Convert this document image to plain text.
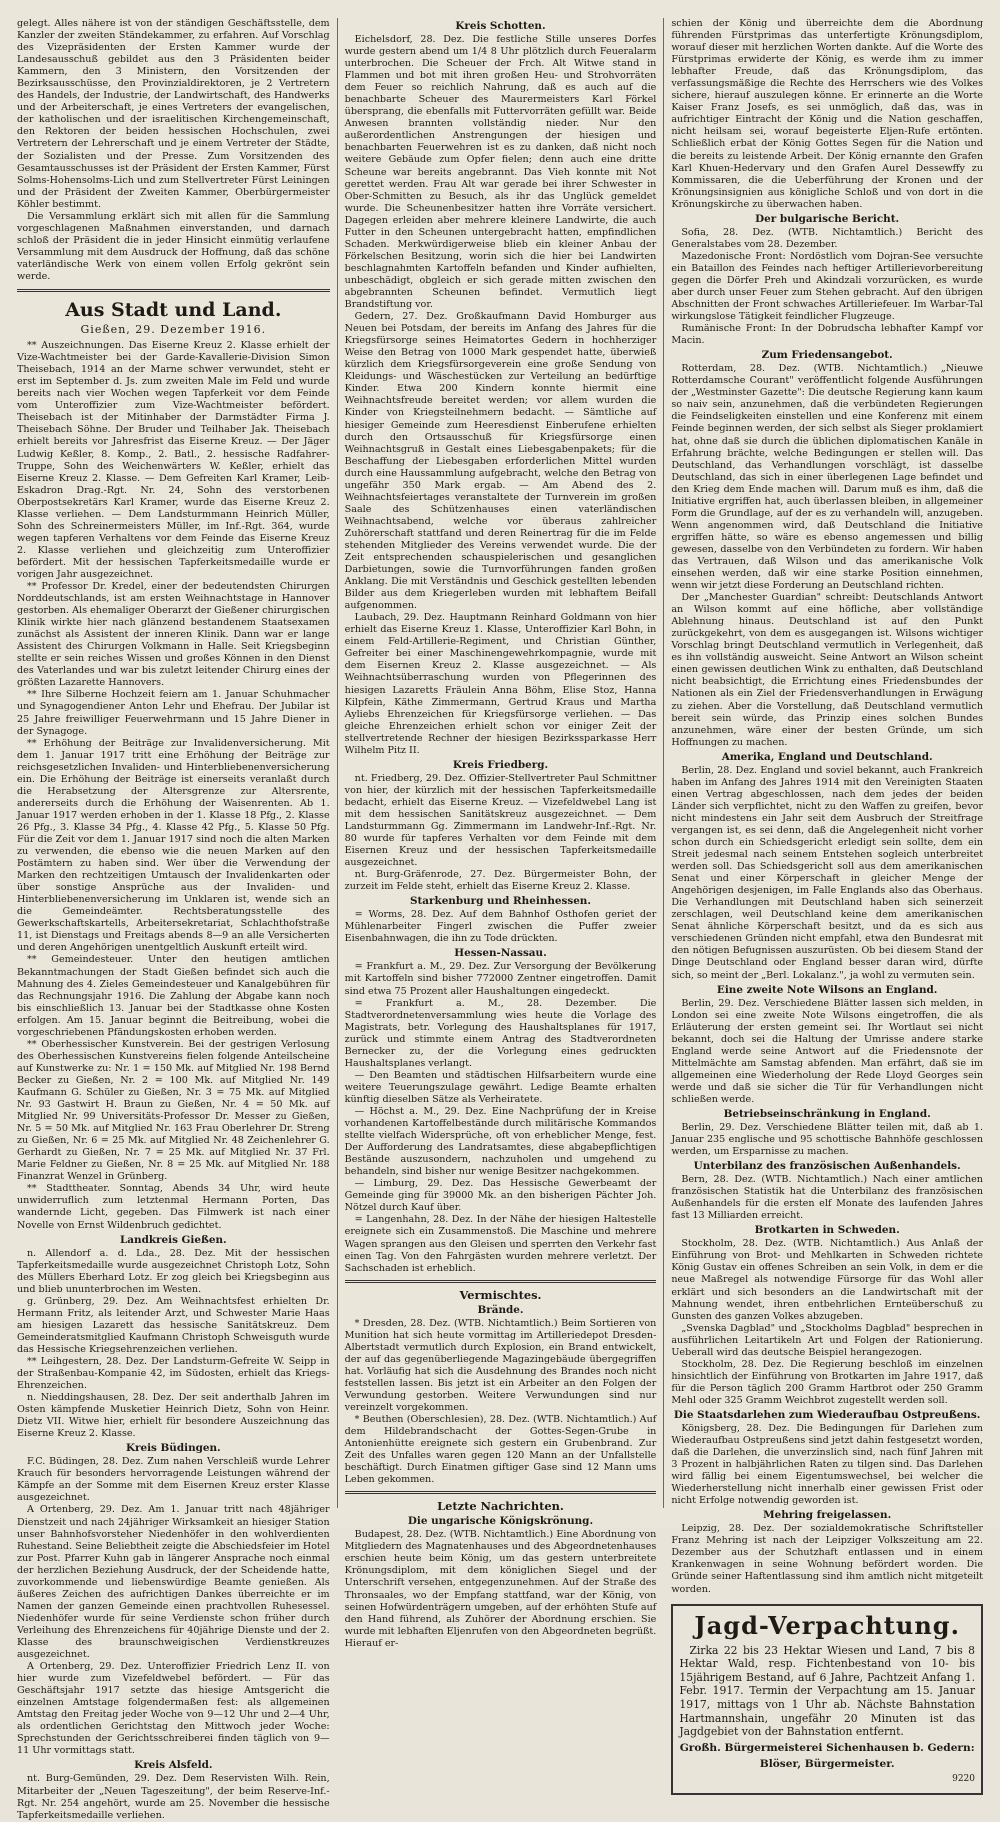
gelegt. Alles nähere ist von der ständigen Geschäftsstelle, dem Kanzler der zweiten Ständekammer, zu erfahren. Auf Vorschlag des Vizepräsidenten der Ersten Kammer wurde der Landesausschuß gebildet aus den 3 Präsidenten beider Kammern, den 3 Ministern, den Vorsitzenden der Bezirksausschüsse, den Provinzialdirektoren, je 2 Vertretern des Handels, der Industrie, der Landwirtschaft, des Handwerks und der Arbeiterschaft, je eines Vertreters der evangelischen, der katholischen und der israelitischen Kirchengemeinschaft, den Rektoren der beiden hessischen Hochschulen, zwei Vertretern der Lehrerschaft und je einem Vertreter der Städte, der Sozialisten und der Presse. Zum Vorsitzenden des Gesamtausschusses ist der Präsident der Ersten Kammer, Fürst Solms-Hohensolms-Lich und zum Stellvertreter Fürst Leiningen und der Präsident der Zweiten Kammer, Oberbürgermeister Köhler bestimmt.

Die Versammlung erklärt sich mit allen für die Sammlung vorgeschlagenen Maßnahmen einverstanden, und darnach schloß der Präsident die in jeder Hinsicht einmütig verlaufene Versammlung mit dem Ausdruck der Hoffnung, daß das schöne vaterländische Werk von einem vollen Erfolg gekrönt sein werde.

Aus Stadt und Land.
Gießen, 29. Dezember 1916.

** Auszeichnungen. Das Eiserne Kreuz 2. Klasse erhielt der Vize-Wachtmeister bei der Garde-Kavallerie-Division Simon Theisebach, 1914 an der Marne schwer verwundet, steht er erst im September d. Js. zum zweiten Male im Feld und wurde bereits nach vier Wochen wegen Tapferkeit vor dem Feinde vom Unteroffizier zum Vize-Wachtmeister befördert. Theisebach ist der Mitinhaber der Darmstädter Firma J. Theisebach Söhne. Der Bruder und Teilhaber Jak. Theisebach erhielt bereits vor Jahresfrist das Eiserne Kreuz. — Der Jäger Ludwig Keßler, 8. Komp., 2. Batl., 2. hessische Radfahrer-Truppe, Sohn des Weichenwärters W. Keßler, erhielt das Eiserne Kreuz 2. Klasse. — Dem Gefreiten Karl Kramer, Leib-Eskadron Drag.-Rgt. Nr. 24, Sohn des verstorbenen Oberpostsekretärs Karl Kramer, wurde das Eiserne Kreuz 2. Klasse verliehen. — Dem Landsturmmann Heinrich Müller, Sohn des Schreinermeisters Müller, im Inf.-Rgt. 364, wurde wegen tapferen Verhaltens vor dem Feinde das Eiserne Kreuz 2. Klasse verliehen und gleichzeitig zum Unteroffizier befördert. Mit der hessischen Tapferkeitsmedaille wurde er vorigen Jahr ausgezeichnet.

** Professor Dr. Kredel, einer der bedeutendsten Chirurgen Norddeutschlands, ist am ersten Weihnachtstage in Hannover gestorben. Als ehemaliger Oberarzt der Gießener chirurgischen Klinik wirkte hier nach glänzend bestandenem Staatsexamen zunächst als Assistent der inneren Klinik. Dann war er lange Assistent des Chirurgen Volkmann in Halle. Seit Kriegsbeginn stellte er sein reiches Wissen und großes Können in den Dienst des Vaterlandes und war bis zuletzt leitender Chirurg eines der größten Lazarette Hannovers.

** Ihre Silberne Hochzeit feiern am 1. Januar Schuhmacher und Synagogendiener Anton Lehr und Ehefrau. Der Jubilar ist 25 Jahre freiwilliger Feuerwehrmann und 15 Jahre Diener in der Synagoge.

** Erhöhung der Beiträge zur Invalidenversicherung. Mit dem 1. Januar 1917 tritt eine Erhöhung der Beiträge zur reichsgesetzlichen Invaliden- und Hinterbliebenenversicherung ein. Die Erhöhung der Beiträge ist einerseits veranlaßt durch die Herabsetzung der Altersgrenze zur Altersrente, andererseits durch die Erhöhung der Waisenrenten. Ab 1. Januar 1917 werden erhoben in der 1. Klasse 18 Pfg., 2. Klasse 26 Pfg., 3. Klasse 34 Pfg., 4. Klasse 42 Pfg., 5. Klasse 50 Pfg. Für die Zeit vor dem 1. Januar 1917 sind noch die alten Marken zu verwenden, die ebenso wie die neuen Marken auf den Postämtern zu haben sind. Wer über die Verwendung der Marken den rechtzeitigen Umtausch der Invalidenkarten oder über sonstige Ansprüche aus der Invaliden- und Hinterbliebenenversicherung im Unklaren ist, wende sich an die Gemeindeämter. Rechtsberatungsstelle des Gewerkschaftskartells, Arbeitersekretariat, Schlachthofstraße 11, ist Dienstags und Freitags abends 8—9 an alle Versicherten und deren Angehörigen unentgeltlich Auskunft erteilt wird.

** Gemeindesteuer. Unter den heutigen amtlichen Bekanntmachungen der Stadt Gießen befindet sich auch die Mahnung des 4. Zieles Gemeindesteuer und Kanalgebühren für das Rechnungsjahr 1916. Die Zahlung der Abgabe kann noch bis einschließlich 13. Januar bei der Stadtkasse ohne Kosten erfolgen. Am 15. Januar beginnt die Beitreibung, wobei die vorgeschriebenen Pfändungskosten erhoben werden.

** Oberhessischer Kunstverein. Bei der gestrigen Verlosung des Oberhessischen Kunstvereins fielen folgende Anteilscheine auf Kunstwerke zu: Nr. 1 = 150 Mk. auf Mitglied Nr. 198 Bernd Becker zu Gießen, Nr. 2 = 100 Mk. auf Mitglied Nr. 149 Kaufmann G. Schüler zu Gießen, Nr. 3 = 75 Mk. auf Mitglied Nr. 93 Gastwirt H. Braun zu Gießen, Nr. 4 = 50 Mk. auf Mitglied Nr. 99 Universitäts-Professor Dr. Messer zu Gießen, Nr. 5 = 50 Mk. auf Mitglied Nr. 163 Frau Oberlehrer Dr. Streng zu Gießen, Nr. 6 = 25 Mk. auf Mitglied Nr. 48 Zeichenlehrer G. Gerhardt zu Gießen, Nr. 7 = 25 Mk. auf Mitglied Nr. 37 Frl. Marie Feldner zu Gießen, Nr. 8 = 25 Mk. auf Mitglied Nr. 188 Finanzrat Wenzel in Grünberg.

** Stadttheater. Sonntag, Abends 34 Uhr, wird heute unwiderruflich zum letztenmal Hermann Porten, Das wandernde Licht, gegeben. Das Filmwerk ist nach einer Novelle von Ernst Wildenbruch gedichtet.

Landkreis Gießen.

n. Allendorf a. d. Lda., 28. Dez. Mit der hessischen Tapferkeitsmedaille wurde ausgezeichnet Christoph Lotz, Sohn des Müllers Eberhard Lotz. Er zog gleich bei Kriegsbeginn aus und blieb ununterbrochen im Westen.

g. Grünberg, 29. Dez. Am Weihnachtsfest erhielten Dr. Hermann Fritz, als leitender Arzt, und Schwester Marie Haas am hiesigen Lazarett das hessische Sanitätskreuz. Dem Gemeinderatsmitglied Kaufmann Christoph Schweisguth wurde das Hessische Kriegsehrenzeichen verliehen.

** Leihgestern, 28. Dez. Der Landsturm-Gefreite W. Seipp in der Straßenbau-Kompanie 42, im Südosten, erhielt das Kriegs-Ehrenzeichen.

n. Nieddingshausen, 28. Dez. Der seit anderthalb Jahren im Osten kämpfende Musketier Heinrich Dietz, Sohn von Heinr. Dietz VII. Witwe hier, erhielt für besondere Auszeichnung das Eiserne Kreuz 2. Klasse.

Kreis Büdingen.

F.C. Büdingen, 28. Dez. Zum nahen Verschleiß wurde Lehrer Krauch für besonders hervorragende Leistungen während der Kämpfe an der Somme mit dem Eisernen Kreuz erster Klasse ausgezeichnet.

A Ortenberg, 29. Dez. Am 1. Januar tritt nach 48jähriger Dienstzeit und nach 24jähriger Wirksamkeit an hiesiger Station unser Bahnhofsvorsteher Niedenhöfer in den wohlverdienten Ruhestand. Seine Beliebtheit zeigte die Abschiedsfeier im Hotel zur Post. Pfarrer Kuhn gab in längerer Ansprache noch einmal der herzlichen Beziehung Ausdruck, der der Scheidende hatte, zuvorkommende und liebenswürdige Beamte genießen. Als äußeres Zeichen des aufrichtigen Dankes überreichte er im Namen der ganzen Gemeinde einen prachtvollen Ruhesessel. Niedenhöfer wurde für seine Verdienste schon früher durch Verleihung des Ehrenzeichens für 40jährige Dienste und der 2. Klasse des braunschweigischen Verdienstkreuzes ausgezeichnet.

A Ortenberg, 29. Dez. Unteroffizier Friedrich Lenz II. von hier wurde zum Vizefeldwebel befördert. — Für das Geschäftsjahr 1917 setzte das hiesige Amtsgericht die einzelnen Amtstage folgendermaßen fest: als allgemeinen Amtstag den Freitag jeder Woche von 9—12 Uhr und 2—4 Uhr, als ordentlichen Gerichtstag den Mittwoch jeder Woche: Sprechstunden der Gerichtsschreiberei finden täglich von 9—11 Uhr vormittags statt.

Kreis Alsfeld.

nt. Burg-Gemünden, 29. Dez. Dem Reservisten Wilh. Rein, Mitarbeiter der „Neuen Tageszeitung", der beim Reserve-Inf.-Rgt. Nr. 254 angehört, wurde am 25. November die hessische Tapferkeitsmedaille verliehen.

Kreis Schotten.

Eichelsdorf, 28. Dez. Die festliche Stille unseres Dorfes wurde gestern abend um 1/4 8 Uhr plötzlich durch Feueralarm unterbrochen. Die Scheuer der Frch. Alt Witwe stand in Flammen und bot mit ihren großen Heu- und Strohvorräten dem Feuer so reichlich Nahrung, daß es auch auf die benachbarte Scheuer des Maurermeisters Karl Förkel übersprang, die ebenfalls mit Futtervorräten gefüllt war. Beide Anwesen brannten vollständig nieder. Nur den außerordentlichen Anstrengungen der hiesigen und benachbarten Feuerwehren ist es zu danken, daß nicht noch weitere Gebäude zum Opfer fielen; denn auch eine dritte Scheune war bereits angebrannt. Das Vieh konnte mit Not gerettet werden. Frau Alt war gerade bei ihrer Schwester in Ober-Schmitten zu Besuch, als ihr das Unglück gemeldet wurde. Die Scheunenbesitzer hatten ihre Vorräte versichert. Dagegen erleiden aber mehrere kleinere Landwirte, die auch Futter in den Scheunen untergebracht hatten, empfindlichen Schaden. Merkwürdigerweise blieb ein kleiner Anbau der Förkelschen Besitzung, worin sich die hier bei Landwirten beschlagnahmten Kartoffeln befanden und Kinder aufhielten, unbeschädigt, obgleich er sich gerade mitten zwischen den abgebrannten Scheunen befindet. Vermutlich liegt Brandstiftung vor.

Gedern, 27. Dez. Großkaufmann David Homburger aus Neuen bei Potsdam, der bereits im Anfang des Jahres für die Kriegsfürsorge seines Heimatortes Gedern in hochherziger Weise den Betrag von 1000 Mark gespendet hatte, überwieß kürzlich dem Kriegsfürsorgeverein eine große Sendung von Kleidungs- und Wäschestücken zur Verteilung an bedürftige Kinder. Etwa 200 Kindern konnte hiermit eine Weihnachtsfreude bereitet werden; vor allem wurden die Kinder von Kriegsteilnehmern bedacht. — Sämtliche auf hiesiger Gemeinde zum Heeresdienst Einberufene erhielten durch den Ortsausschuß für Kriegsfürsorge einen Weihnachtsgruß in Gestalt eines Liebesgabenpakets; für die Beschaffung der Liebesgaben erforderlichen Mittel wurden durch eine Haussammlung aufgebracht, welche den Betrag von ungefähr 350 Mark ergab. — Am Abend des 2. Weihnachtsfeiertages veranstaltete der Turnverein im großen Saale des Schützenhauses einen vaterländischen Weihnachtsabend, welche vor überaus zahlreicher Zuhörerschaft stattfand und deren Reinertrag für die im Felde stehenden Mitglieder des Vereins verwendet wurde. Die der Zeit entsprechenden schauspielerischen und gesanglichen Darbietungen, sowie die Turnvorführungen fanden großen Anklang. Die mit Verständnis und Geschick gestellten lebenden Bilder aus dem Kriegerleben wurden mit lebhaftem Beifall aufgenommen.

Laubach, 29. Dez. Hauptmann Reinhard Goldmann von hier erhielt das Eiserne Kreuz 1. Klasse, Unteroffizier Karl Bohn, in einem Feld-Artillerie-Regiment, und Christian Günther, Gefreiter bei einer Maschinengewehrkompagnie, wurde mit dem Eisernen Kreuz 2. Klasse ausgezeichnet. — Als Weihnachtsüberraschung wurden von Pflegerinnen des hiesigen Lazaretts Fräulein Anna Böhm, Elise Stoz, Hanna Kilpfein, Käthe Zimmermann, Gertrud Kraus und Martha Ayliebs Ehrenzeichen für Kriegsfürsorge verliehen. — Das gleiche Ehrenzeichen erhielt schon vor einiger Zeit der stellvertretende Rechner der hiesigen Bezirkssparkasse Herr Wilhelm Pitz II.

Kreis Friedberg.

nt. Friedberg, 29. Dez. Offizier-Stellvertreter Paul Schmittner von hier, der kürzlich mit der hessischen Tapferkeitsmedaille bedacht, erhielt das Eiserne Kreuz. — Vizefeldwebel Lang ist mit dem hessischen Sanitätskreuz ausgezeichnet. — Dem Landsturmmann Gg. Zimmermann im Landwehr-Inf.-Rgt. Nr. 80 wurde für tapferes Verhalten vor dem Feinde mit dem Eisernen Kreuz und der hessischen Tapferkeitsmedaille ausgezeichnet.

nt. Burg-Gräfenrode, 27. Dez. Bürgermeister Bohn, der zurzeit im Felde steht, erhielt das Eiserne Kreuz 2. Klasse.

Starkenburg und Rheinhessen.

= Worms, 28. Dez. Auf dem Bahnhof Osthofen geriet der Mühlenarbeiter Fingerl zwischen die Puffer zweier Eisenbahnwagen, die ihn zu Tode drückten.

Hessen-Nassau.

= Frankfurt a. M., 29. Dez. Zur Versorgung der Bevölkerung mit Kartoffeln sind bisher 772000 Zentner eingetroffen. Damit sind etwa 75 Prozent aller Haushaltungen eingedeckt.

= Frankfurt a. M., 28. Dezember. Die Stadtverordnetenversammlung wies heute die Vorlage des Magistrats, betr. Vorlegung des Haushaltsplanes für 1917, zurück und stimmte einem Antrag des Stadtverordneten Bernecker zu, der die Vorlegung eines gedruckten Haushaltsplanes verlangt.

— Den Beamten und städtischen Hilfsarbeitern wurde eine weitere Teuerungszulage gewährt. Ledige Beamte erhalten künftig dieselben Sätze als Verheiratete.

— Höchst a. M., 29. Dez. Eine Nachprüfung der in Kreise vorhandenen Kartoffelbestände durch militärische Kommandos stellte vielfach Widersprüche, oft von erheblicher Menge, fest. Der Aufforderung des Landratsamtes, diese abgabepflichtigen Bestände auszusondern, nachzuholen und umgehend zu behandeln, sind bisher nur wenige Besitzer nachgekommen.

— Limburg, 29. Dez. Das Hessische Gewerbeamt der Gemeinde ging für 39000 Mk. an den bisherigen Pächter Joh. Nötzel durch Kauf über.

= Langenhahn, 28. Dez. In der Nähe der hiesigen Haltestelle ereignete sich ein Zusammenstoß. Die Maschine und mehrere Wagen sprangen aus den Gleisen und sperrten den Verkehr fast einen Tag. Von den Fahrgästen wurden mehrere verletzt. Der Sachschaden ist erheblich.

Vermischtes.
Brände.

* Dresden, 28. Dez. (WTB. Nichtamtlich.) Beim Sortieren von Munition hat sich heute vormittag im Artilleriedepot Dresden-Albertstadt vermutlich durch Explosion, ein Brand entwickelt, der auf das gegenüberliegende Magazingebäude übergegriffen hat. Vorläufig hat sich die Ausdehnung des Brandes noch nicht feststellen lassen. Bis jetzt ist ein Arbeiter an den Folgen der Verwundung gestorben. Weitere Verwundungen sind nur vereinzelt vorgekommen.

* Beuthen (Oberschlesien), 28. Dez. (WTB. Nichtamtlich.) Auf dem Hildebrandschacht der Gottes-Segen-Grube in Antonienhütte ereignete sich gestern ein Grubenbrand. Zur Zeit des Unfalles waren gegen 120 Mann an der Unfallstelle beschäftigt. Durch Einatmen giftiger Gase sind 12 Mann ums Leben gekommen.

Letzte Nachrichten.
Die ungarische Königskrönung.

Budapest, 28. Dez. (WTB. Nichtamtlich.) Eine Abordnung von Mitgliedern des Magnatenhauses und des Abgeordnetenhauses erschien heute beim König, um das gestern unterbreitete Krönungsdiplom, mit dem königlichen Siegel und der Unterschrift versehen, entgegenzunehmen. Auf der Straße des Thronsaales, wo der Empfang stattfand, war der König, von seinen Hofwürdenträgern umgeben, auf der erhöhten Stufe auf den Hand führend, als Zuhörer der Abordnung erschien. Sie wurde mit lebhaften Eljenrufen von den Abgeordneten begrüßt. Hierauf er-

schien der König und überreichte dem die Abordnung führenden Fürstprimas das unterfertigte Krönungsdiplom, worauf dieser mit herzlichen Worten dankte. Auf die Worte des Fürstprimas erwiderte der König, es werde ihm zu immer lebhafter Freude, daß das Krönungsdiplom, das verfassungsmäßige die Rechte des Herrschers wie des Volkes sichere, hierauf auszulegen könne. Er erinnerte an die Worte Kaiser Franz Josefs, es sei unmöglich, daß das, was in aufrichtiger Eintracht der König und die Nation geschaffen, nicht heilsam sei, worauf begeisterte Eljen-Rufe ertönten. Schließlich erbat der König Gottes Segen für die Nation und die bereits zu leistende Arbeit. Der König ernannte den Grafen Karl Khuen-Hedervary und den Grafen Aurel Dessewffy zu Kommissaren, die die Ueberführung der Kronen und der Krönungsinsignien aus königliche Schloß und von dort in die Krönungskirche zu überwachen haben.

Der bulgarische Bericht.

Sofia, 28. Dez. (WTB. Nichtamtlich.) Bericht des Generalstabes vom 28. Dezember.

Mazedonische Front: Nordöstlich vom Dojran-See versuchte ein Bataillon des Feindes nach heftiger Artillerievorbereitung gegen die Dörfer Preh und Akindzali vorzurücken, es wurde aber durch unser Feuer zum Stehen gebracht. Auf den übrigen Abschnitten der Front schwaches Artilleriefeuer. Im Warbar-Tal wirkungslose Tätigkeit feindlicher Flugzeuge.

Rumänische Front: In der Dobrudscha lebhafter Kampf vor Macin.

Zum Friedensangebot.

Rotterdam, 28. Dez. (WTB. Nichtamtlich.) „Nieuwe Rotterdamsche Courant" veröffentlicht folgende Ausführungen der „Westminster Gazette": Die deutsche Regierung kann kaum so naiv sein, anzunehmen, daß die verbündeten Regierungen die Feindseligkeiten einstellen und eine Konferenz mit einem Feinde beginnen werden, der sich selbst als Sieger proklamiert hat, ohne daß sie durch die üblichen diplomatischen Kanäle in Erfahrung brächte, welche Bedingungen er stellen will. Das Deutschland, das Verhandlungen vorschlägt, ist dasselbe Deutschland, das sich in einer überlegenen Lage befindet und den Krieg dem Ende machen will. Darum muß es ihm, daß die Initiative ergriffen hat, auch überlassen bleiben, in allgemeiner Form die Grundlage, auf der es zu verhandeln will, anzugeben. Wenn angenommen wird, daß Deutschland die Initiative ergriffen hätte, so wäre es ebenso angemessen und billig gewesen, dasselbe von den Verbündeten zu fordern. Wir haben das Vertrauen, daß Wilson und das amerikanische Volk einsehen werden, daß wir eine starke Position einnehmen, wenn wir jetzt diese Forderung an Deutschland richten.

Der „Manchester Guardian" schreibt: Deutschlands Antwort an Wilson kommt auf eine höfliche, aber vollständige Ablehnung hinaus. Deutschland ist auf den Punkt zurückgekehrt, von dem es ausgegangen ist. Wilsons wichtiger Vorschlag bringt Deutschland vermutlich in Verlegenheit, daß es ihn vollständig ausweicht. Seine Antwort an Wilson scheint einen gewissen deutlichen Wink zu enthalten, daß Deutschland nicht beabsichtigt, die Errichtung eines Friedensbundes der Nationen als ein Ziel der Friedensverhandlungen in Erwägung zu ziehen. Aber die Vorstellung, daß Deutschland vermutlich bereit sein würde, das Prinzip eines solchen Bundes anzunehmen, wäre einer der besten Gründe, um sich Hoffnungen zu machen.

Amerika, England und Deutschland.

Berlin, 28. Dez. England und soviel bekannt, auch Frankreich haben im Anfang des Jahres 1914 mit den Vereinigten Staaten einen Vertrag abgeschlossen, nach dem jedes der beiden Länder sich verpflichtet, nicht zu den Waffen zu greifen, bevor nicht mindestens ein Jahr seit dem Ausbruch der Streitfrage vergangen ist, es sei denn, daß die Angelegenheit nicht vorher schon durch ein Schiedsgericht erledigt sein sollte, dem ein Streit jedesmal nach seinem Entstehen sogleich unterbreitet werden soll. Das Schiedsgericht soll aus dem amerikanischen Senat und einer Körperschaft in gleicher Menge der Angehörigen desjenigen, im Falle Englands also das Oberhaus. Die Verhandlungen mit Deutschland haben sich seinerzeit zerschlagen, weil Deutschland keine dem amerikanischen Senat ähnliche Körperschaft besitzt, und da es sich aus verschiedenen Gründen nicht empfahl, etwa den Bundesrat mit den nötigen Befugnissen auszurüsten. Ob bei diesem Stand der Dinge Deutschland oder England besser daran wird, dürfte sich, so meint der „Berl. Lokalanz.", ja wohl zu vermuten sein.

Eine zweite Note Wilsons an England.

Berlin, 29. Dez. Verschiedene Blätter lassen sich melden, in London sei eine zweite Note Wilsons eingetroffen, die als Erläuterung der ersten gemeint sei. Ihr Wortlaut sei nicht bekannt, doch sei die Haltung der Umrisse andere starke England werde seine Antwort auf die Friedensnote der Mittelmächte am Samstag abfenden. Man erfährt, daß sie im allgemeinen eine Wiederholung der Rede Lloyd Georges sein werde und daß sie sicher die Tür für Verhandlungen nicht schließen werde.

Betriebseinschränkung in England.

Berlin, 29. Dez. Verschiedene Blätter teilen mit, daß ab 1. Januar 235 englische und 95 schottische Bahnhöfe geschlossen werden, um Ersparnisse zu machen.

Unterbilanz des französischen Außenhandels.

Bern, 28. Dez. (WTB. Nichtamtlich.) Nach einer amtlichen französischen Statistik hat die Unterbilanz des französischen Außenhandels für die ersten elf Monate des laufenden Jahres fast 13 Milliarden erreicht.

Brotkarten in Schweden.

Stockholm, 28. Dez. (WTB. Nichtamtlich.) Aus Anlaß der Einführung von Brot- und Mehlkarten in Schweden richtete König Gustav ein offenes Schreiben an sein Volk, in dem er die neue Maßregel als notwendige Fürsorge für das Wohl aller erklärt und sich besonders an die Landwirtschaft mit der Mahnung wendet, ihren entbehrlichen Ernteüberschuß zu Gunsten des ganzen Volkes abzugeben.

„Svenska Dagblad" und „Stockholms Dagblad" besprechen in ausführlichen Leitartikeln Art und Folgen der Rationierung. Ueberall wird das deutsche Beispiel herangezogen.

Stockholm, 28. Dez. Die Regierung beschloß im einzelnen hinsichtlich der Einführung von Brotkarten im Jahre 1917, daß für die Person täglich 200 Gramm Hartbrot oder 250 Gramm Mehl oder 325 Gramm Weichbrot zugestellt werden soll.

Die Staatsdarlehen zum Wiederaufbau Ostpreußens.

Königsberg, 28. Dez. Die Bedingungen für Darlehen zum Wiederaufbau Ostpreußens sind jetzt dahin festgesetzt worden, daß die Darlehen, die unverzinslich sind, nach fünf Jahren mit 3 Prozent in halbjährlichen Raten zu tilgen sind. Das Darlehen wird fällig bei einem Eigentumswechsel, bei welcher die Wiederherstellung nicht innerhalb einer gewissen Frist oder nicht Erfolge notwendig geworden ist.

Mehring freigelassen.

Leipzig, 28. Dez. Der sozialdemokratische Schriftsteller Franz Mehring ist nach der Leipziger Volkszeitung am 22. Dezember aus der Schutzhaft entlassen und in einem Krankenwagen in seine Wohnung befördert worden. Die Gründe seiner Haftentlassung sind ihm amtlich nicht mitgeteilt worden.

Jagd-Verpachtung.

Zirka 22 bis 23 Hektar Wiesen und Land, 7 bis 8 Hektar Wald, resp. Fichtenbestand von 10- bis 15jährigem Bestand, auf 6 Jahre, Pachtzeit Anfang 1. Febr. 1917. Termin der Verpachtung am 15. Januar 1917, mittags von 1 Uhr ab. Nächste Bahnstation Hartmannshain, ungefähr 20 Minuten ist das Jagdgebiet von der Bahnstation entfernt.

Großh. Bürgermeisterei Sichenhausen b. Gedern:
Blöser, Bürgermeister.
9220
